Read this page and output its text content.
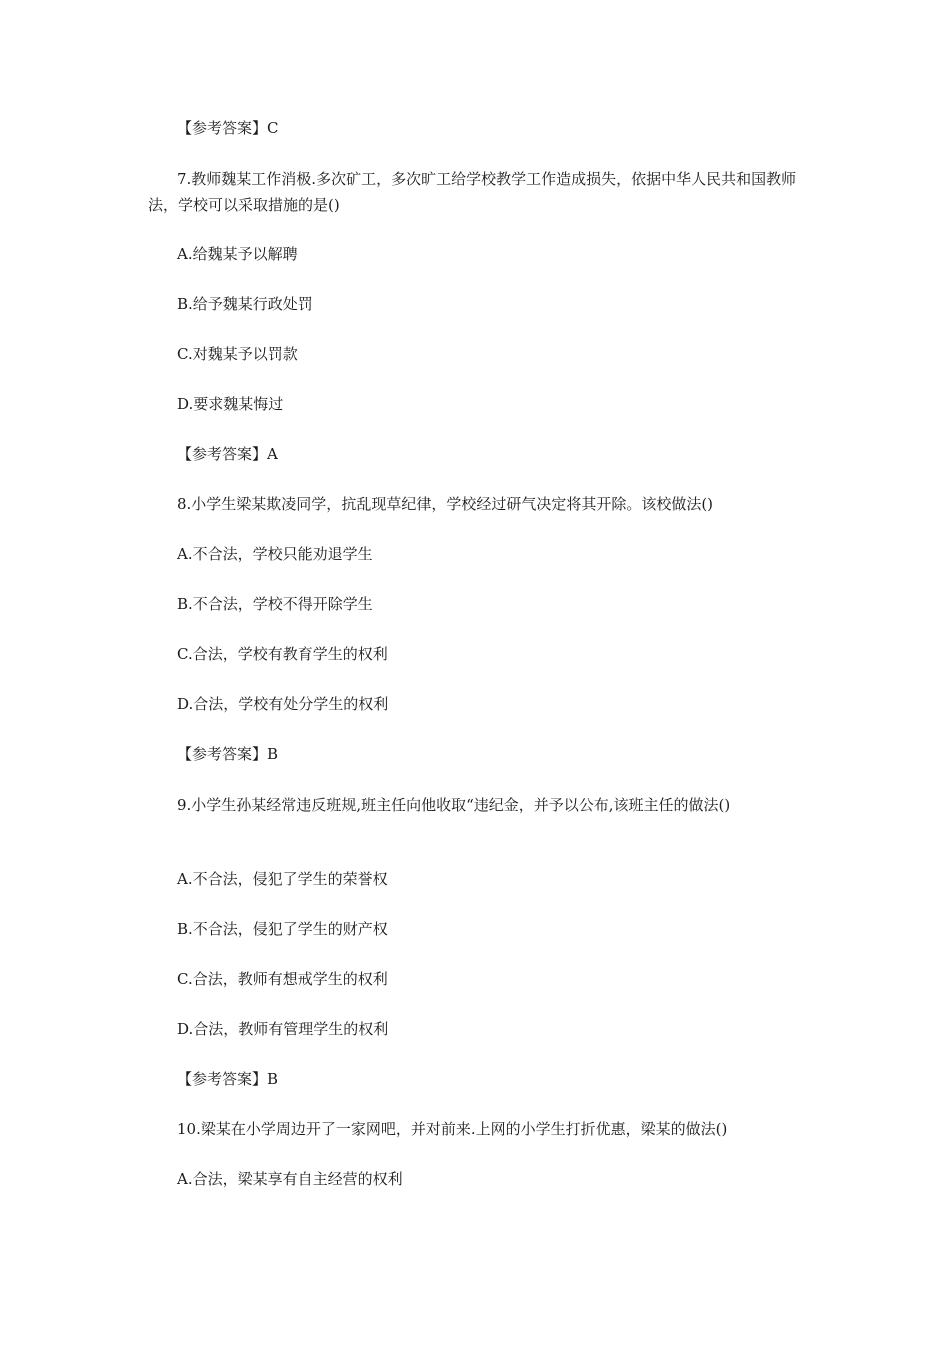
【参考答案】C

7.教师魏某工作消极.多次矿工，多次旷工给学校教学工作造成损失，依据中华人民共和国教师法，学校可以采取措施的是()

A.给魏某予以解聘

B.给予魏某行政处罚

C.对魏某予以罚款

D.要求魏某悔过

【参考答案】A

8.小学生梁某欺凌同学，抗乱现草纪律，学校经过研气决定将其开除。该校做法()

A.不合法，学校只能劝退学生

B.不合法，学校不得开除学生

C.合法，学校有教育学生的权利

D.合法，学校有处分学生的权利

【参考答案】B

9.小学生孙某经常违反班规,班主任向他收取“违纪金，并予以公布,该班主任的做法()

A.不合法，侵犯了学生的荣誉权

B.不合法，侵犯了学生的财产权

C.合法，教师有想戒学生的权利

D.合法，教师有管理学生的权利

【参考答案】B

10.梁某在小学周边开了一家网吧，并对前来.上网的小学生打折优惠，梁某的做法()

A.合法，梁某享有自主经营的权利
